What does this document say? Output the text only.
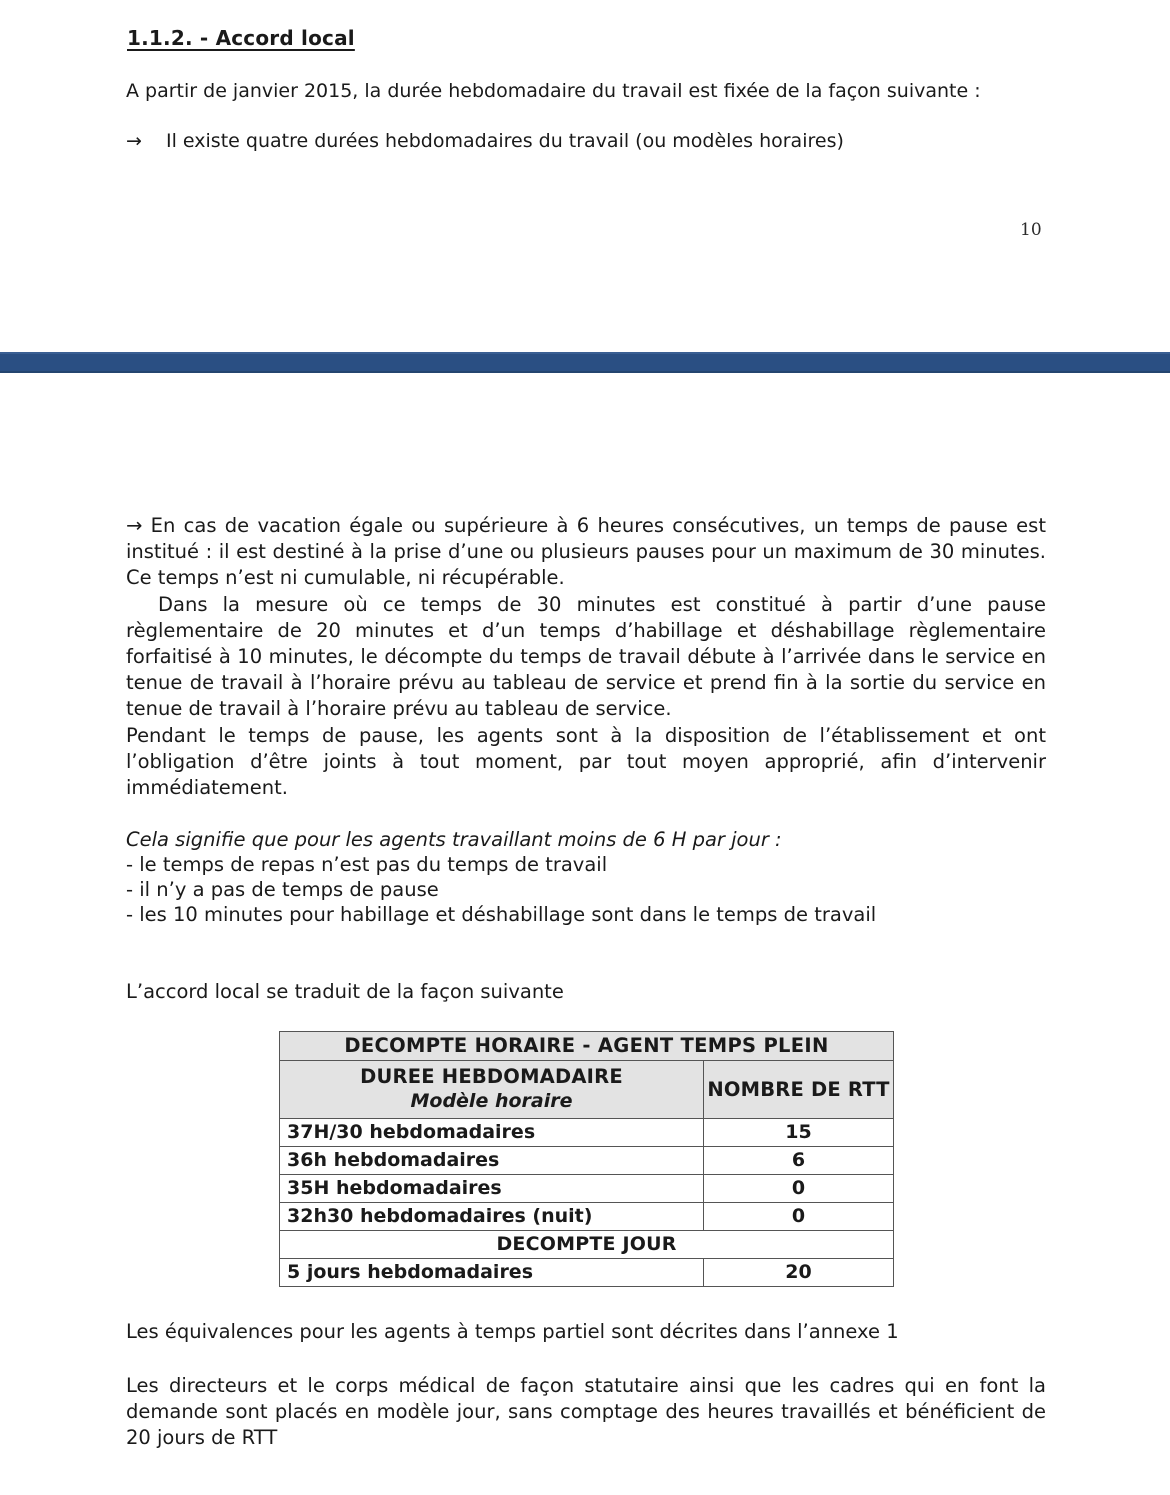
1.1.2. - Accord local
A partir de janvier 2015, la durée hebdomadaire du travail est fixée de la façon suivante :
→	Il existe quatre durées hebdomadaires du travail (ou modèles horaires)
10

→ En cas de vacation égale ou supérieure à 6 heures consécutives, un temps de pause est institué : il est destiné à la prise d’une ou plusieurs pauses pour un maximum de 30 minutes. Ce temps n’est ni cumulable, ni récupérable.

Dans la mesure où ce temps de 30 minutes est constitué à partir d’une pause règlementaire de 20 minutes et d’un temps d’habillage et déshabillage règlementaire forfaitisé à 10 minutes, le décompte du temps de travail débute à l’arrivée dans le service en tenue de travail à l’horaire prévu au tableau de service et prend fin à la sortie du service en tenue de travail à l’horaire prévu au tableau de service.

Pendant le temps de pause, les agents sont à la disposition de l’établissement et ont l’obligation d’être joints à tout moment, par tout moyen approprié, afin d’intervenir immédiatement.

Cela signifie que pour les agents travaillant moins de 6 H par jour :
- le temps de repas n’est pas du temps de travail
- il n’y a pas de temps de pause
- les 10 minutes pour habillage et déshabillage sont dans le temps de travail
L’accord local se traduit de la façon suivante
DECOMPTE HORAIRE - AGENT TEMPS PLEIN	

DUREE HEBDOMADAIRE
Modèle horaire	NOMBRE DE RTT
37H/30 hebdomadaires	15
36h hebdomadaires	6
35H hebdomadaires	0
32h30 hebdomadaires (nuit)	0
DECOMPTE JOUR	
5 jours hebdomadaires	20
Les équivalences pour les agents à temps partiel sont décrites dans l’annexe 1

Les directeurs et le corps médical de façon statutaire ainsi que les cadres qui en font la demande sont placés en modèle jour, sans comptage des heures travaillés et bénéficient de 20 jours de RTT
